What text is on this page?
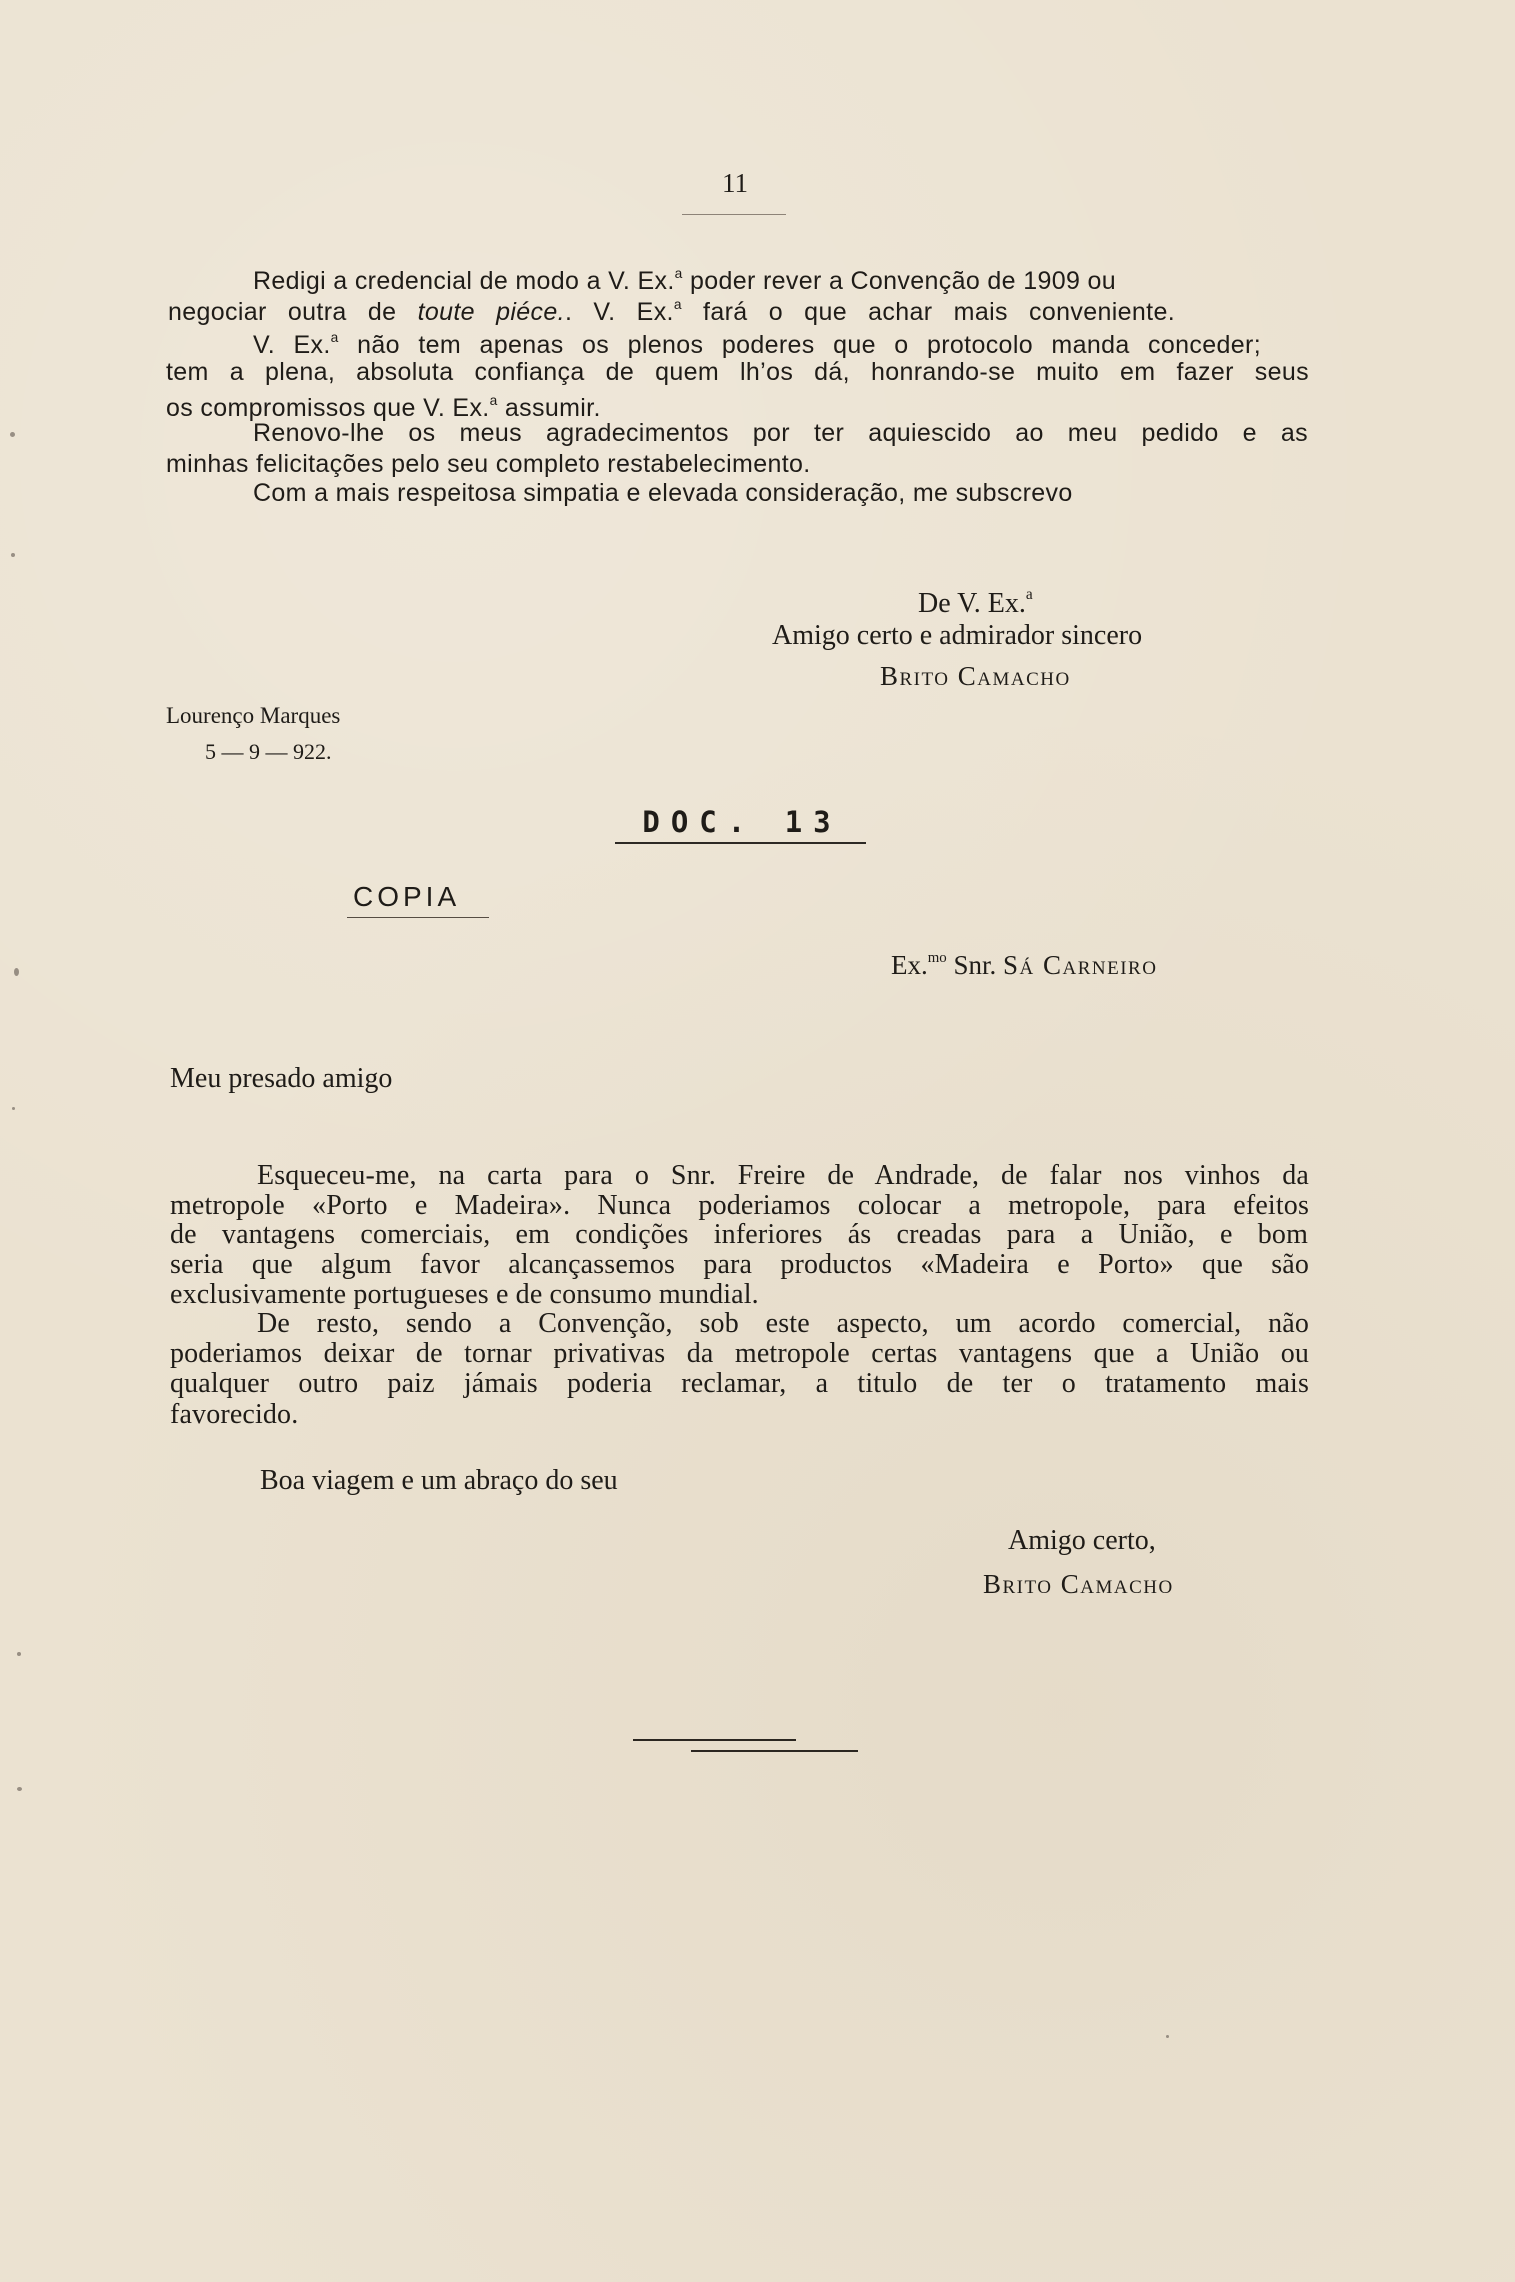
11
Redigi a credencial de modo a V. Ex.$^a$ poder rever a Convenção de 1909 ou
negociar outra de toute piéce.. V. Ex.$^a$ fará o que achar mais conveniente.
V. Ex.$^a$ não tem apenas os plenos poderes que o protocolo manda conceder;
tem a plena, absoluta confiança de quem lh’os dá, honrando-se muito em fazer seus
os compromissos que V. Ex.$^a$ assumir.
Renovo-lhe os meus agradecimentos por ter aquiescido ao meu pedido e as
minhas felicitações pelo seu completo restabelecimento.
Com a mais respeitosa simpatia e elevada consideração, me subscrevo
De V. Ex.$^a$
Amigo certo e admirador sincero
Brito Camacho
Lourenço Marques
5 — 9 — 922.
DOC. 13
COPIA
Ex.$^{mo}$ Snr. Sá Carneiro
Meu presado amigo
Esqueceu-me, na carta para o Snr. Freire de Andrade, de falar nos vinhos da
metropole «Porto e Madeira». Nunca poderiamos colocar a metropole, para efeitos
de vantagens comerciais, em condições inferiores ás creadas para a União, e bom
seria que algum favor alcançassemos para productos «Madeira e Porto» que são
exclusivamente portugueses e de consumo mundial.
De resto, sendo a Convenção, sob este aspecto, um acordo comercial, não
poderiamos deixar de tornar privativas da metropole certas vantagens que a União ou
qualquer outro paiz jámais poderia reclamar, a titulo de ter o tratamento mais
favorecido.
Boa viagem e um abraço do seu
Amigo certo,
Brito Camacho
